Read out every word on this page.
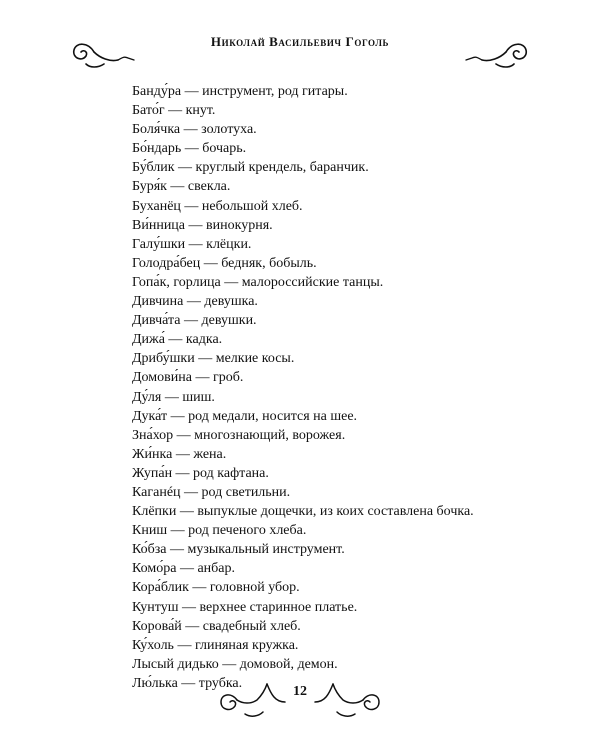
Николай Васильевич Гоголь
Банду́ра — инструмент, род гитары.
Бато́г — кнут.
Боля́чка — золотуха.
Бо́ндарь — бочарь.
Бу́блик — круглый крендель, баранчик.
Буря́к — свекла.
Буханёц — небольшой хлеб.
Ви́нница — винокурня.
Галу́шки — клёцки.
Голодра́бец — бедняк, бобыль.
Гопа́к, горлица — малороссийские танцы.
Дивчина — девушка.
Дивча́та — девушки.
Дижа́ — кадка.
Дрибу́шки — мелкие косы.
Домови́на — гроб.
Ду́ля — шиш.
Дука́т — род медали, носится на шее.
Зна́хор — многознающий, ворожея.
Жи́нка — жена.
Жупа́н — род кафтана.
Каганéц — род светильни.
Клёпки — выпуклые дощечки, из коих составлена бочка.
Книш — род печеного хлеба.
Ко́бза — музыкальный инструмент.
Комо́ра — анбар.
Кора́блик — головной убор.
Кунтуш — верхнее старинное платье.
Корова́й — свадебный хлеб.
Ку́холь — глиняная кружка.
Лысый дидько — домовой, демон.
Лю́лька — трубка.
12
